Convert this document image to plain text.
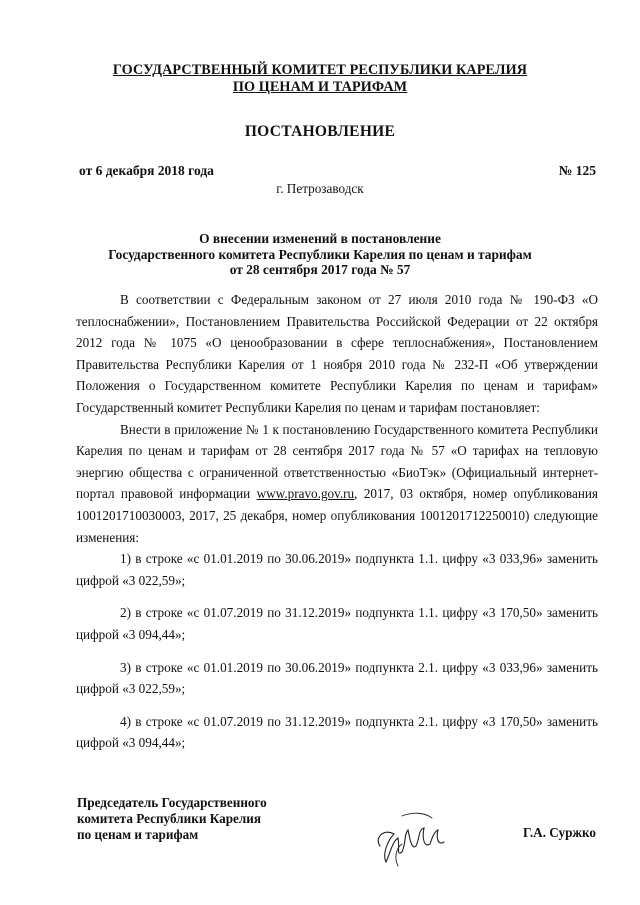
ГОСУДАРСТВЕННЫЙ КОМИТЕТ РЕСПУБЛИКИ КАРЕЛИЯ
ПО ЦЕНАМ И ТАРИФАМ
ПОСТАНОВЛЕНИЕ
от 6 декабря 2018 года	№ 125
г. Петрозаводск
О внесении изменений в постановление
Государственного комитета Республики Карелия по ценам и тарифам
от 28 сентября 2017 года № 57

В соответствии с Федеральным законом от 27 июля 2010 года № 190-ФЗ «О теплоснабжении», Постановлением Правительства Российской Федерации от 22 октября 2012 года № 1075 «О ценообразовании в сфере теплоснабжения», Постановлением Правительства Республики Карелия от 1 ноября 2010 года № 232-П «Об утверждении Положения о Государственном комитете Республики Карелия по ценам и тарифам» Государственный комитет Республики Карелия по ценам и тарифам постановляет:

Внести в приложение № 1 к постановлению Государственного комитета Республики Карелия по ценам и тарифам от 28 сентября 2017 года № 57 «О тарифах на тепловую энергию общества с ограниченной ответственностью «БиоТэк» (Официальный интернет-портал правовой информации www.pravo.gov.ru, 2017, 03 октября, номер опубликования 1001201710030003, 2017, 25 декабря, номер опубликования 1001201712250010) следующие изменения:

1) в строке «с 01.01.2019 по 30.06.2019» подпункта 1.1. цифру «3 033,96» заменить цифрой «3 022,59»;

2) в строке «с 01.07.2019 по 31.12.2019» подпункта 1.1. цифру «3 170,50» заменить цифрой «3 094,44»;

3) в строке «с 01.01.2019 по 30.06.2019» подпункта 2.1. цифру «3 033,96» заменить цифрой «3 022,59»;

4) в строке «с 01.07.2019 по 31.12.2019» подпункта 2.1. цифру «3 170,50» заменить цифрой «3 094,44»;

Председатель Государственного
комитета Республики Карелия
по ценам и тарифам	Г.А. Суржко
